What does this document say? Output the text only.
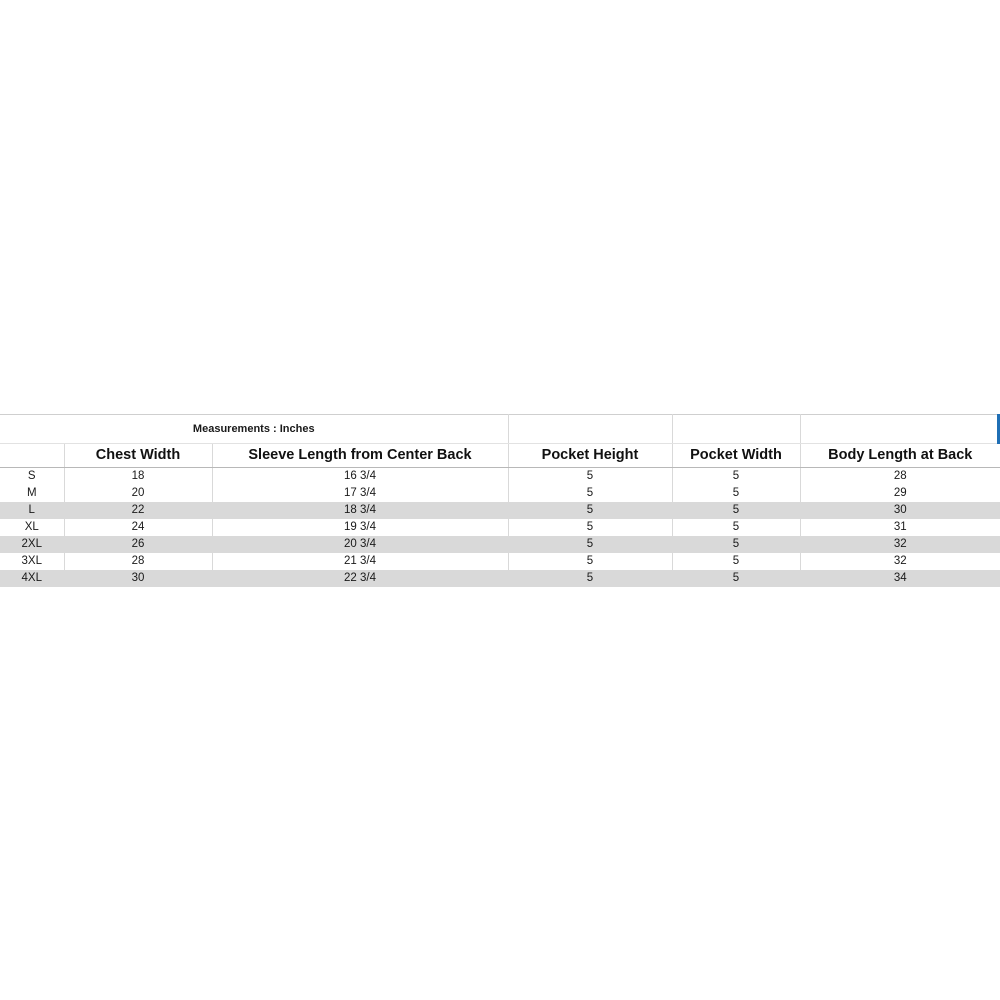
Measurements : Inches					
	Chest Width	Sleeve Length from Center Back	Pocket Height	Pocket Width	Body Length at Back
S	18	16 3/4	5	5	28
M	20	17 3/4	5	5	29
L	22	18 3/4	5	5	30
XL	24	19 3/4	5	5	31
2XL	26	20 3/4	5	5	32
3XL	28	21 3/4	5	5	32
4XL	30	22 3/4	5	5	34
